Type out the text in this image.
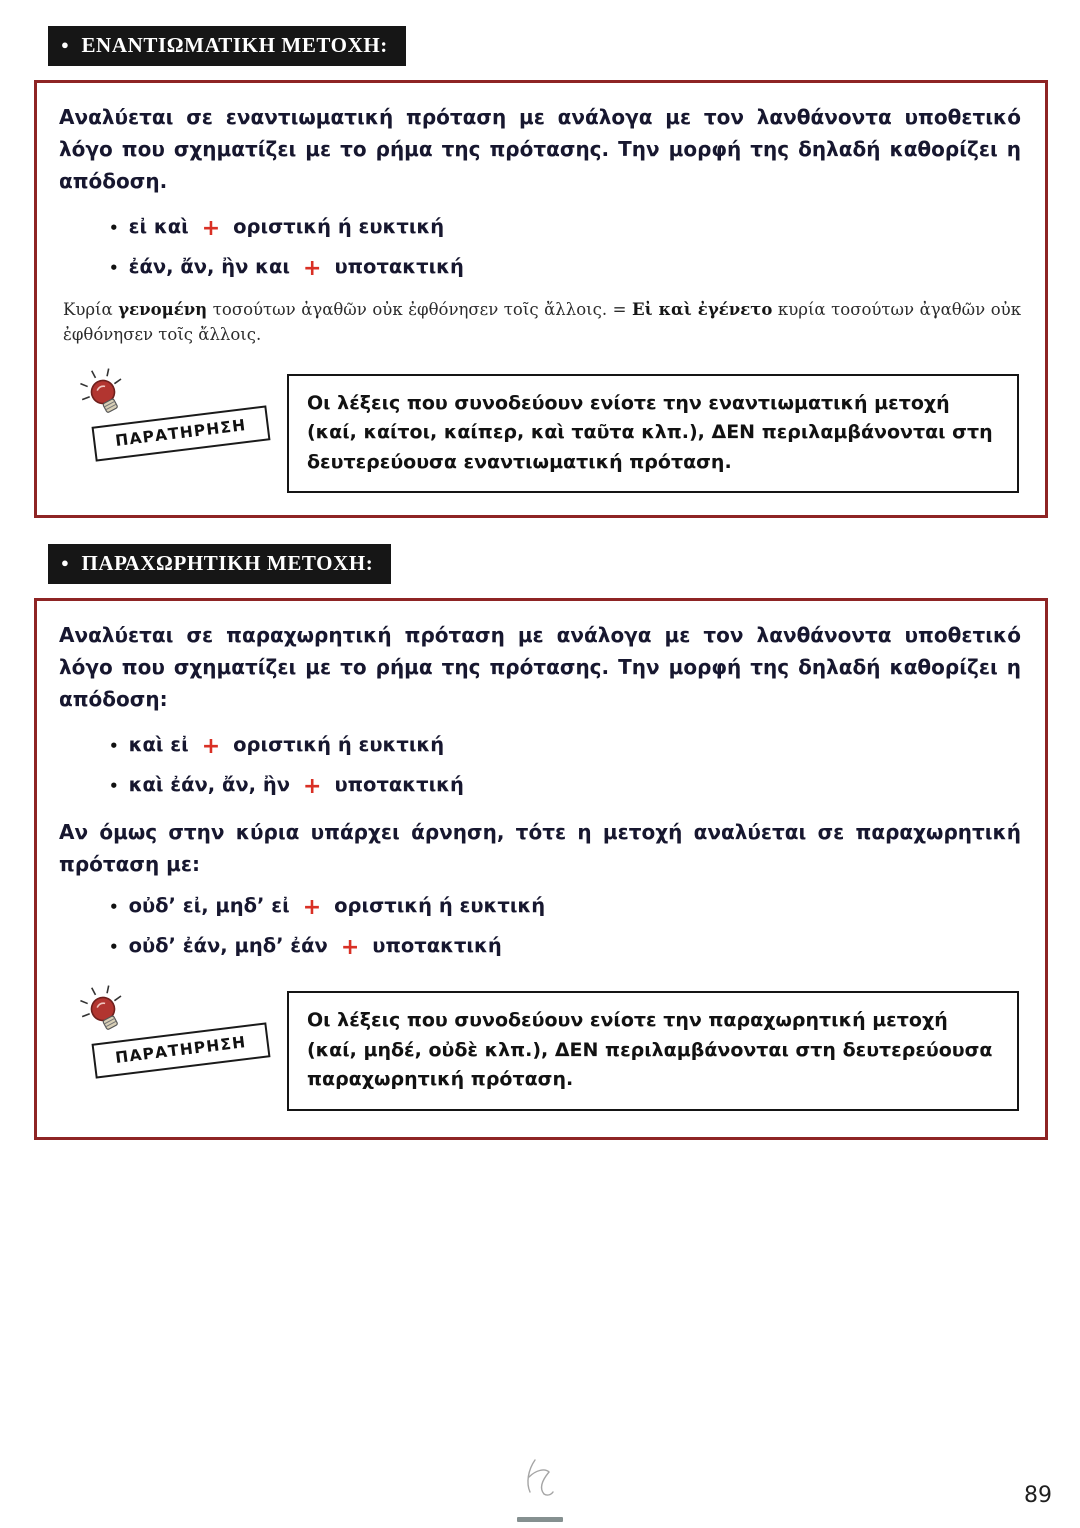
● ΕΝΑΝΤΙΩΜΑΤΙΚΗ ΜΕΤΟΧΗ:

Αναλύεται σε εναντιωματική πρόταση με ανάλογα με τον λανθάνοντα υποθετικό λόγο που σχηματίζει με το ρήμα της πρότασης. Την μορφή της δηλαδή καθορίζει η απόδοση.

• εἰ καὶ + οριστική ή ευκτική
• ἐάν, ἄν, ἢν και + υποτακτική

Κυρία γενομένη τοσούτων ἀγαθῶν οὐκ ἐφθόνησεν τοῖς ἄλλοις. = Εἰ καὶ ἐγένετο κυρία τοσούτων ἀγαθῶν οὐκ ἐφθόνησεν τοῖς ἄλλοις.

ΠΑΡΑΤΗΡΗΣΗ
Οι λέξεις που συνοδεύουν ενίοτε την εναντιωματική μετοχή (καί, καίτοι, καίπερ, καὶ ταῦτα κλπ.), ΔΕΝ περιλαμβάνονται στη δευτερεύουσα εναντιωματική πρόταση.
● ΠΑΡΑΧΩΡΗΤΙΚΗ ΜΕΤΟΧΗ:

Αναλύεται σε παραχωρητική πρόταση με ανάλογα με τον λανθάνοντα υποθετικό λόγο που σχηματίζει με το ρήμα της πρότασης. Την μορφή της δηλαδή καθορίζει η απόδοση:

• καὶ εἰ + οριστική ή ευκτική
• καὶ ἐάν, ἄν, ἢν + υποτακτική

Αν όμως στην κύρια υπάρχει άρνηση, τότε η μετοχή αναλύεται σε παραχωρητική πρόταση με:

• οὐδ’ εἰ, μηδ’ εἰ + οριστική ή ευκτική
• οὐδ’ ἐάν, μηδ’ ἐάν + υποτακτική
ΠΑΡΑΤΗΡΗΣΗ
Οι λέξεις που συνοδεύουν ενίοτε την παραχωρητική μετοχή (καί, μηδέ, οὐδὲ κλπ.), ΔΕΝ περιλαμβάνονται στη δευτερεύουσα παραχωρητική πρόταση.
89
